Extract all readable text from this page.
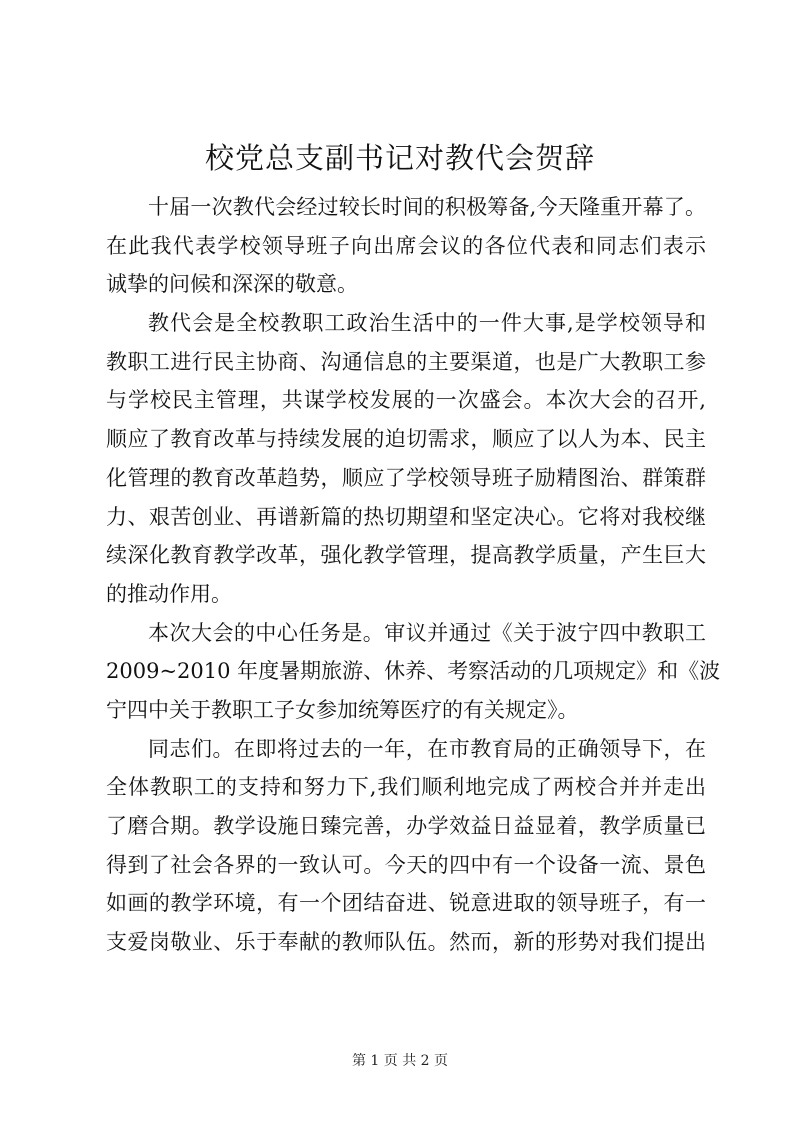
校党总支副书记对教代会贺辞

十届一次教代会经过较长时间的积极筹备,今天隆重开幕了。
在此我代表学校领导班子向出席会议的各位代表和同志们表示
诚挚的问候和深深的敬意。

教代会是全校教职工政治生活中的一件大事,是学校领导和
教职工进行民主协商、沟通信息的主要渠道，也是广大教职工参
与学校民主管理，共谋学校发展的一次盛会。本次大会的召开,
顺应了教育改革与持续发展的迫切需求，顺应了以人为本、民主
化管理的教育改革趋势，顺应了学校领导班子励精图治、群策群
力、艰苦创业、再谱新篇的热切期望和坚定决心。它将对我校继
续深化教育教学改革，强化教学管理，提高教学质量，产生巨大
的推动作用。

本次大会的中心任务是。审议并通过《关于波宁四中教职工
2009~2010 年度暑期旅游、休养、考察活动的几项规定》和《波
宁四中关于教职工子女参加统筹医疗的有关规定》。

同志们。在即将过去的一年，在市教育局的正确领导下，在
全体教职工的支持和努力下,我们顺利地完成了两校合并并走出
了磨合期。教学设施日臻完善，办学效益日益显着，教学质量已
得到了社会各界的一致认可。今天的四中有一个设备一流、景色
如画的教学环境，有一个团结奋进、锐意进取的领导班子，有一
支爱岗敬业、乐于奉献的教师队伍。然而，新的形势对我们提出

第 1 页 共 2 页
